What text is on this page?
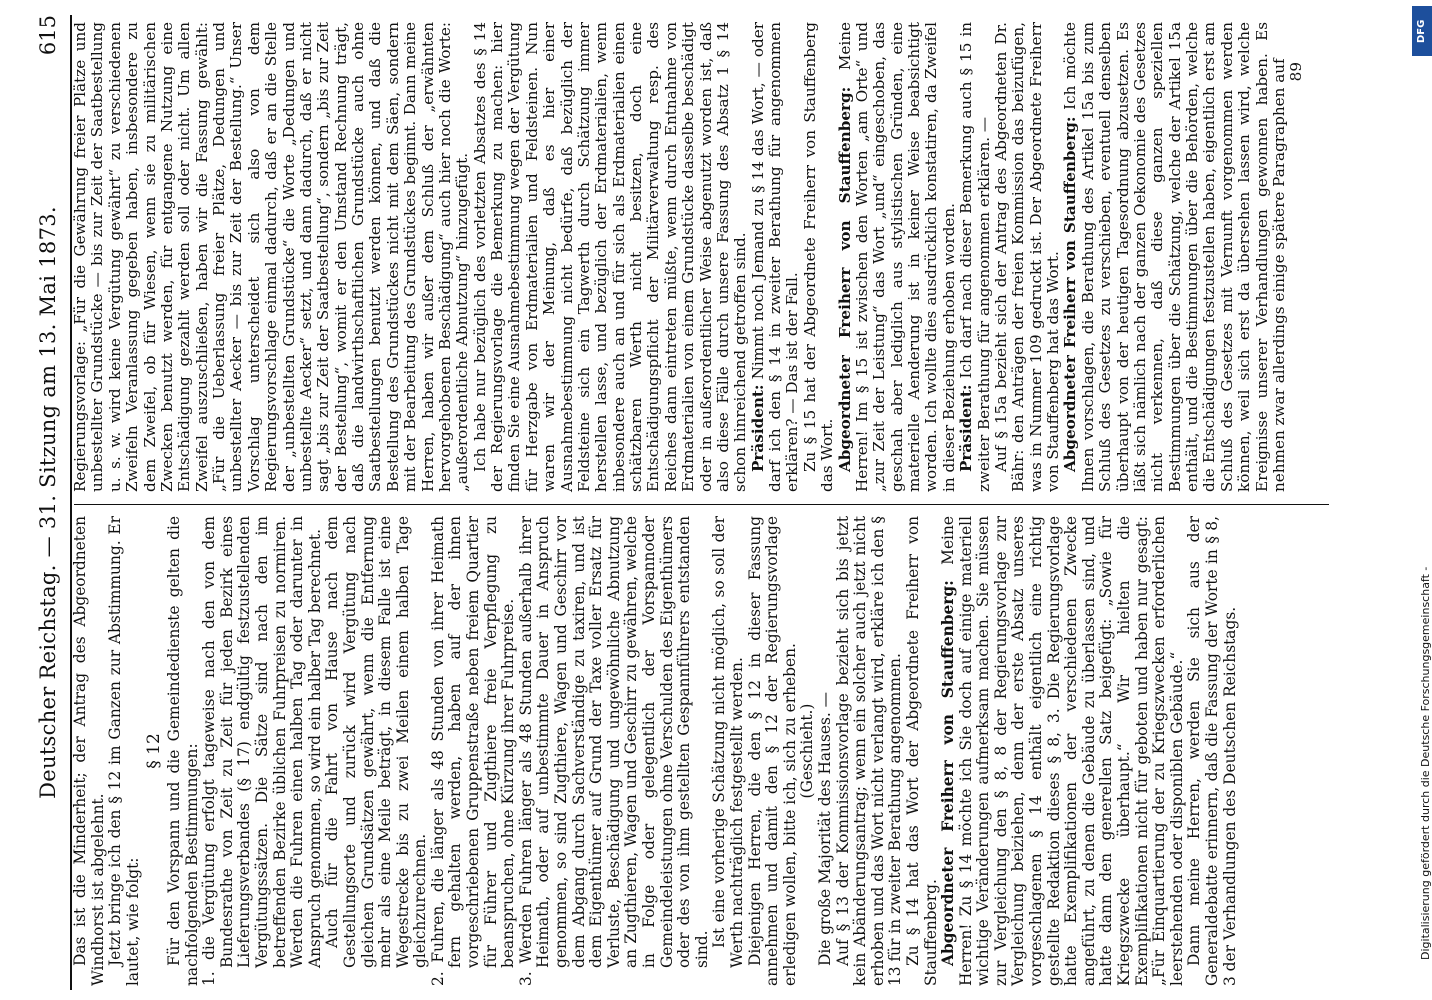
Deutscher Reichstag. — 31. Sitzung am 13. Mai 1873.
615

Das ist die Minderheit; der Antrag des Abgeordneten Windhorst ist abgelehnt. Jetzt bringe ich den § 12 im Ganzen zur Abstimmung. Er lautet, wie folgt:

§ 12 Für den Vorspann und die Gemeindedienste gelten die nachfolgenden Bestimmungen: 1. die Vergütung erfolgt tageweise nach den von dem Bundesrathe von Zeit zu Zeit für jeden Bezirk eines Lieferungsverbandes (§ 17) endgültig festzustellenden Vergütungssätzen. Die Sätze sind nach den im betreffenden Bezirke üblichen Fuhrpreisen zu normiren. Werden die Fuhren einen halben Tag oder darunter in Anspruch genommen, so wird ein halber Tag berechnet. Auch für die Fahrt von Hause nach dem Gestellungsorte und zurück wird Vergütung nach gleichen Grundsätzen gewährt, wenn die Entfernung mehr als eine Meile beträgt, in diesem Falle ist eine Wegestrecke bis zu zwei Meilen einem halben Tage gleichzurechnen. 2. Fuhren, die länger als 48 Stunden von ihrer Heimath fern gehalten werden, haben auf der ihnen vorgeschriebenen Gruppenstraße neben freiem Quartier für Führer und Zugthiere freie Verpflegung zu beanspruchen, ohne Kürzung ihrer Fuhrpreise. 3. Werden Fuhren länger als 48 Stunden außerhalb ihrer Heimath, oder auf unbestimmte Dauer in Anspruch genommen, so sind Zugthiere, Wagen und Geschirr vor dem Abgang durch Sachverständige zu taxiren, und ist dem Eigenthümer auf Grund der Taxe voller Ersatz für Verluste, Beschädigung und ungewöhnliche Abnutzung an Zugthieren, Wagen und Geschirr zu gewähren, welche in Folge oder gelegentlich der Vorspannoder Gemeindeleistungen ohne Verschulden des Eigenthümers oder des von ihm gestellten Gespannführers entstanden sind.

Ist eine vorherige Schätzung nicht möglich, so soll der Werth nachträglich festgestellt werden. Diejenigen Herren, die den § 12 in dieser Fassung annehmen und damit den § 12 der Regierungsvorlage erledigen wollen, bitte ich, sich zu erheben. (Geschieht.) Die große Majorität des Hauses. — Auf § 13 der Kommissionsvorlage bezieht sich bis jetzt kein Abänderungsantrag; wenn ein solcher auch jetzt nicht erhoben und das Wort nicht verlangt wird, erkläre ich den § 13 für in zweiter Berathung angenommen. Zu § 14 hat das Wort der Abgeordnete Freiherr von Stauffenberg. Abgeordneter Freiherr von Stauffenberg: Meine Herren! Zu § 14 möchte ich Sie doch auf einige materiell wichtige Veränderungen aufmerksam machen. Sie müssen zur Vergleichung den § 8, 8 der Regierungsvorlage zur Vergleichung beiziehen, denn der erste Absatz unseres vorgeschlagenen § 14 enthält eigentlich eine richtig gestellte Redaktion dieses § 8, 3. Die Regierungsvorlage hatte Exemplifikationen der verschiedenen Zwecke angeführt, zu denen die Gebäude zu überlassen sind, und hatte dann den generellen Satz beigefügt: „Sowie für Kriegszwecke überhaupt.“ Wir hielten die Exemplifikationen nicht für geboten und haben nur gesagt: „Für Einquartierung der zu Kriegszwecken erforderlichen leerstehenden oder disponiblen Gebäude.“ Dann meine Herren, werden Sie sich aus der Generaldebatte erinnern, daß die Fassung der Worte in § 8, 3 der Verhandlungen des Deutschen Reichstags.

Regierungsvorlage: „Für die Gewährung freier Plätze und unbestellter Grundstücke — bis zur Zeit der Saatbestellung u. s. w. wird keine Vergütung gewährt“ zu verschiedenen Zweifeln Veranlassung gegeben haben, insbesondere zu dem Zweifel, ob für Wiesen, wenn sie zu militärischen Zwecken benutzt werden, für entgangene Nutzung eine Entschädigung gezahlt werden soll oder nicht. Um allen Zweifel auszuschließen, haben wir die Fassung gewählt: „Für die Ueberlassung freier Plätze, Dedungen und unbestellter Aecker — bis zur Zeit der Bestellung.“ Unser Vorschlag unterscheidet sich also von dem Regierungsvorschlage einmal dadurch, daß er an die Stelle der „unbestellten Grundstücke“ die Worte „Dedungen und unbestellte Aecker“ setzt, und dann dadurch, daß er nicht sagt „bis zur Zeit der Saatbestellung“, sondern „bis zur Zeit der Bestellung“, womit er den Umstand Rechnung trägt, daß die landwirthschaftlichen Grundstücke auch ohne Saatbestellungen benutzt werden können, und daß die Bestellung des Grundstückes nicht mit dem Säen, sondern mit der Bearbeitung des Grundstückes beginnt. Dann meine Herren, haben wir außer dem Schluß der „erwähnten hervorgehobenen Beschädigung“ auch hier noch die Worte: „außerordentliche Abnutzung“ hinzugefügt. Ich habe nur bezüglich des vorletzten Absatzes des § 14 der Regierungsvorlage die Bemerkung zu machen: hier finden Sie eine Ausnahmebestimmung wegen der Vergütung für Herzgabe von Erdmaterialien und Feldsteinen. Nun waren wir der Meinung, daß es hier einer Ausnahmebestimmung nicht bedürfe, daß bezüglich der Feldsteine sich ein Tagwerth durch Schätzung immer herstellen lasse, und bezüglich der Erdmaterialien, wenn inbesondere auch an und für sich als Erdmaterialien einen schätzbaren Werth nicht besitzen, doch eine Entschädigungspflicht der Militärverwaltung resp. des Reiches dann eintreten müßte, wenn durch Entnahme von Erdmaterialien von einem Grundstücke dasselbe beschädigt oder in außerordentlicher Weise abgenutzt worden ist, daß also diese Fälle durch unsere Fassung des Absatz 1 § 14 schon hinreichend getroffen sind. Präsident: Nimmt noch Jemand zu § 14 das Wort, — oder darf ich den § 14 in zweiter Berathung für angenommen erklären? — Das ist der Fall. Zu § 15 hat der Abgeordnete Freiherr von Stauffenberg das Wort. Abgeordneter Freiherr von Stauffenberg: Meine Herren! Im § 15 ist zwischen den Worten „am Orte“ und „zur Zeit der Leistung“ das Wort „und“ eingeschoben, das geschah aber lediglich aus stylistischen Gründen, eine materielle Aenderung ist in keiner Weise beabsichtigt worden. Ich wollte dies ausdrücklich konstatiren, da Zweifel in dieser Beziehung erhoben worden. Präsident: Ich darf nach dieser Bemerkung auch § 15 in zweiter Berathung für angenommen erklären. — Auf § 15a bezieht sich der Antrag des Abgeordneten Dr. Bähr: den Anträgen der freien Kommission das beizufügen, was in Nummer 109 gedruckt ist. Der Abgeordnete Freiherr von Stauffenberg hat das Wort. Abgeordneter Freiherr von Stauffenberg: Ich möchte Ihnen vorschlagen, die Berathung des Artikel 15a bis zum Schluß des Gesetzes zu verschieben, eventuell denselben überhaupt von der heutigen Tagesordnung abzusetzen. Es läßt sich nämlich nach der ganzen Oekonomie des Gesetzes nicht verkennen, daß diese ganzen speziellen Bestimmungen über die Schätzung, welche der Artikel 15a enthält, und die Bestimmungen über die Behörden, welche die Entschädigungen festzustellen haben, eigentlich erst am Schluß des Gesetzes mit Vernunft vorgenommen werden können, weil sich erst da übersehen lassen wird, welche Ereignisse unserer Verhandlungen gewonnen haben. Es nehmen zwar allerdings einige spätere Paragraphen auf 89

DFG
Digitalisierung gefördert durch die Deutsche Forschungsgemeinschaft -
